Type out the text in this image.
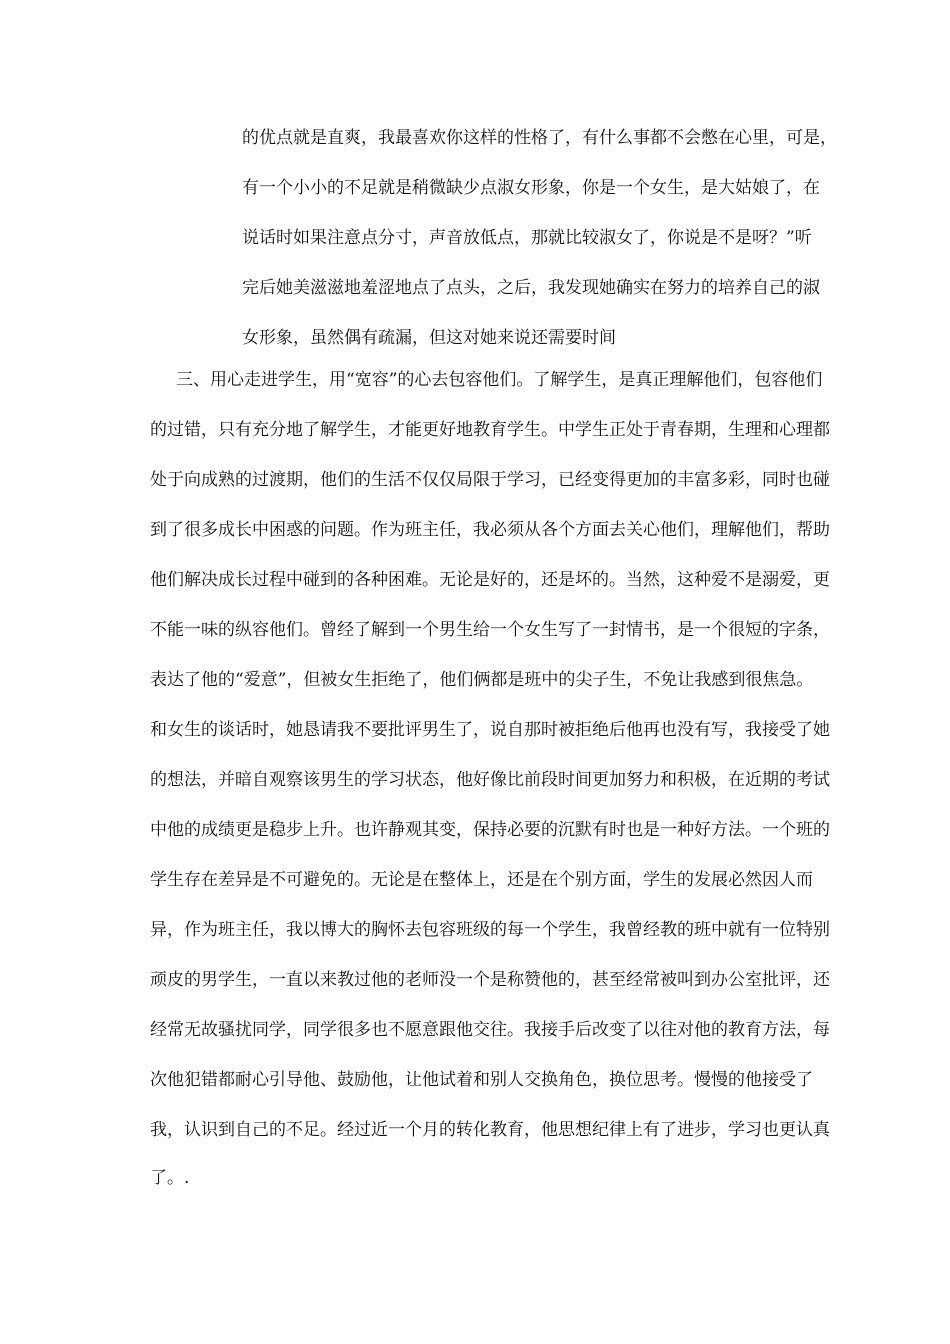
的优点就是直爽，我最喜欢你这样的性格了，有什么事都不会憋在心里，可是，
有一个小小的不足就是稍微缺少点淑女形象，你是一个女生，是大姑娘了，在
说话时如果注意点分寸，声音放低点，那就比较淑女了，你说是不是呀？”听
完后她美滋滋地羞涩地点了点头，之后，我发现她确实在努力的培养自己的淑
女形象，虽然偶有疏漏，但这对她来说还需要时间
三、用心走进学生，用“宽容”的心去包容他们。了解学生，是真正理解他们，包容他们
的过错，只有充分地了解学生，才能更好地教育学生。中学生正处于青春期，生理和心理都
处于向成熟的过渡期，他们的生活不仅仅局限于学习，已经变得更加的丰富多彩，同时也碰
到了很多成长中困惑的问题。作为班主任，我必须从各个方面去关心他们，理解他们，帮助
他们解决成长过程中碰到的各种困难。无论是好的，还是坏的。当然，这种爱不是溺爱，更
不能一味的纵容他们。曾经了解到一个男生给一个女生写了一封情书，是一个很短的字条，
表达了他的“爱意”，但被女生拒绝了，他们俩都是班中的尖子生，不免让我感到很焦急。
和女生的谈话时，她恳请我不要批评男生了，说自那时被拒绝后他再也没有写，我接受了她
的想法，并暗自观察该男生的学习状态，他好像比前段时间更加努力和积极，在近期的考试
中他的成绩更是稳步上升。也许静观其变，保持必要的沉默有时也是一种好方法。一个班的
学生存在差异是不可避免的。无论是在整体上，还是在个别方面，学生的发展必然因人而
异，作为班主任，我以博大的胸怀去包容班级的每一个学生，我曾经教的班中就有一位特别
顽皮的男学生，一直以来教过他的老师没一个是称赞他的，甚至经常被叫到办公室批评，还
经常无故骚扰同学，同学很多也不愿意跟他交往。我接手后改变了以往对他的教育方法，每
次他犯错都耐心引导他、鼓励他，让他试着和别人交换角色，换位思考。慢慢的他接受了
我，认识到自己的不足。经过近一个月的转化教育，他思想纪律上有了进步，学习也更认真
了。.
